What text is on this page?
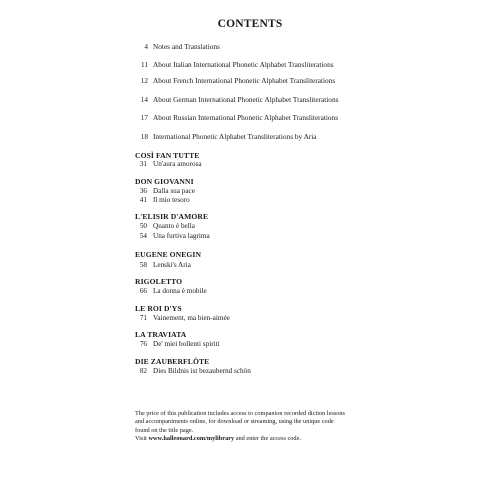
CONTENTS
4 Notes and Translations
11 About Italian International Phonetic Alphabet Transliterations
12 About French International Phonetic Alphabet Transliterations
14 About German International Phonetic Alphabet Transliterations
17 About Russian International Phonetic Alphabet Transliterations
18 International Phonetic Alphabet Transliterations by Aria
COSÌ FAN TUTTE
31 Un'aura amorosa
DON GIOVANNI
36 Dalla sua pace
41 Il mio tesoro
L'ELISIR D'AMORE
50 Quanto è bella
54 Una furtiva lagrima
EUGENE ONEGIN
58 Lenski's Aria
RIGOLETTO
66 La donna è mobile
LE ROI D'YS
71 Vainement, ma bien-aimée
LA TRAVIATA
76 De' miei bollenti spiriti
DIE ZAUBERFLÖTE
82 Dies Bildnis ist bezaubernd schön

The price of this publication includes access to companion recorded diction lessons

and accompaniments online, for download or streaming, using the unique code

found on the title page.

Visit www.halleonard.com/mylibrary and enter the access code.
